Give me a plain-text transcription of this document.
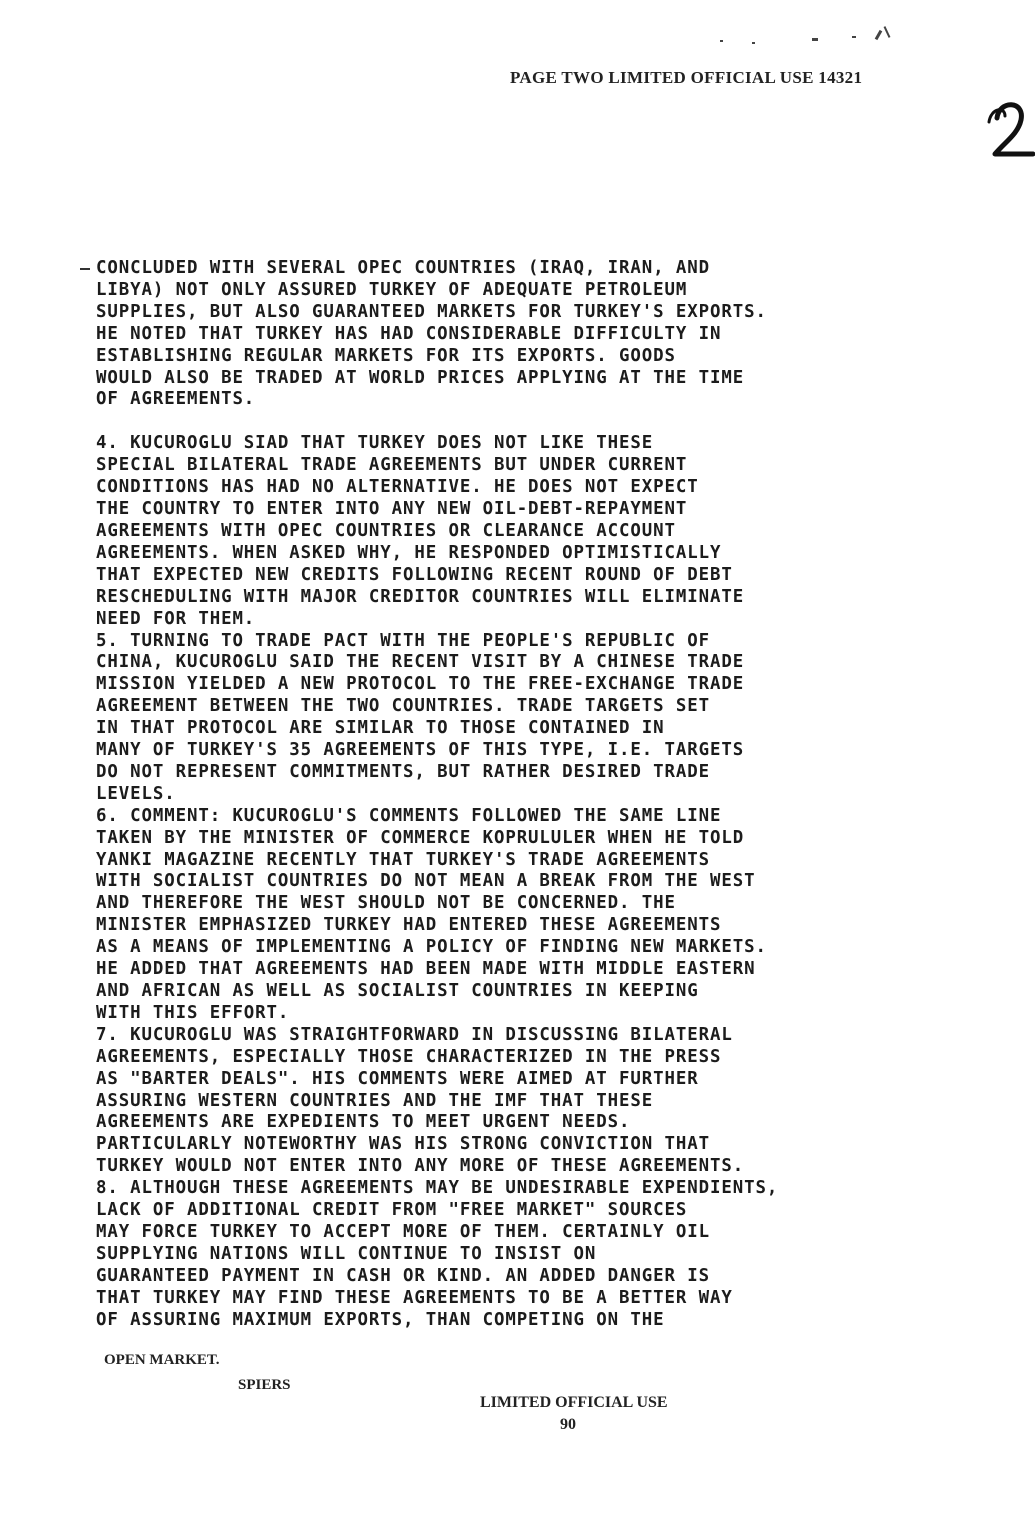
PAGE TWO LIMITED OFFICIAL USE 14321

CONCLUDED WITH SEVERAL OPEC COUNTRIES (IRAQ, IRAN, AND

LIBYA) NOT ONLY ASSURED TURKEY OF ADEQUATE PETROLEUM

SUPPLIES, BUT ALSO GUARANTEED MARKETS FOR TURKEY'S EXPORTS.

HE NOTED THAT TURKEY HAS HAD CONSIDERABLE DIFFICULTY IN

ESTABLISHING REGULAR MARKETS FOR ITS EXPORTS. GOODS

WOULD ALSO BE TRADED AT WORLD PRICES APPLYING AT THE TIME

OF AGREEMENTS.

4. KUCUROGLU SIAD THAT TURKEY DOES NOT LIKE THESE

SPECIAL BILATERAL TRADE AGREEMENTS BUT UNDER CURRENT

CONDITIONS HAS HAD NO ALTERNATIVE. HE DOES NOT EXPECT

THE COUNTRY TO ENTER INTO ANY NEW OIL-DEBT-REPAYMENT

AGREEMENTS WITH OPEC COUNTRIES OR CLEARANCE ACCOUNT

AGREEMENTS. WHEN ASKED WHY, HE RESPONDED OPTIMISTICALLY

THAT EXPECTED NEW CREDITS FOLLOWING RECENT ROUND OF DEBT

RESCHEDULING WITH MAJOR CREDITOR COUNTRIES WILL ELIMINATE

NEED FOR THEM.

5. TURNING TO TRADE PACT WITH THE PEOPLE'S REPUBLIC OF

CHINA, KUCUROGLU SAID THE RECENT VISIT BY A CHINESE TRADE

MISSION YIELDED A NEW PROTOCOL TO THE FREE-EXCHANGE TRADE

AGREEMENT BETWEEN THE TWO COUNTRIES. TRADE TARGETS SET

IN THAT PROTOCOL ARE SIMILAR TO THOSE CONTAINED IN

MANY OF TURKEY'S 35 AGREEMENTS OF THIS TYPE, I.E. TARGETS

DO NOT REPRESENT COMMITMENTS, BUT RATHER DESIRED TRADE

LEVELS.

6. COMMENT: KUCUROGLU'S COMMENTS FOLLOWED THE SAME LINE

TAKEN BY THE MINISTER OF COMMERCE KOPRULULER WHEN HE TOLD

YANKI MAGAZINE RECENTLY THAT TURKEY'S TRADE AGREEMENTS

WITH SOCIALIST COUNTRIES DO NOT MEAN A BREAK FROM THE WEST

AND THEREFORE THE WEST SHOULD NOT BE CONCERNED. THE

MINISTER EMPHASIZED TURKEY HAD ENTERED THESE AGREEMENTS

AS A MEANS OF IMPLEMENTING A POLICY OF FINDING NEW MARKETS.

HE ADDED THAT AGREEMENTS HAD BEEN MADE WITH MIDDLE EASTERN

AND AFRICAN AS WELL AS SOCIALIST COUNTRIES IN KEEPING

WITH THIS EFFORT.

7. KUCUROGLU WAS STRAIGHTFORWARD IN DISCUSSING BILATERAL

AGREEMENTS, ESPECIALLY THOSE CHARACTERIZED IN THE PRESS

AS "BARTER DEALS". HIS COMMENTS WERE AIMED AT FURTHER

ASSURING WESTERN COUNTRIES AND THE IMF THAT THESE

AGREEMENTS ARE EXPEDIENTS TO MEET URGENT NEEDS.

PARTICULARLY NOTEWORTHY WAS HIS STRONG CONVICTION THAT

TURKEY WOULD NOT ENTER INTO ANY MORE OF THESE AGREEMENTS.

8. ALTHOUGH THESE AGREEMENTS MAY BE UNDESIRABLE EXPENDIENTS,

LACK OF ADDITIONAL CREDIT FROM "FREE MARKET" SOURCES

MAY FORCE TURKEY TO ACCEPT MORE OF THEM. CERTAINLY OIL

SUPPLYING NATIONS WILL CONTINUE TO INSIST ON

GUARANTEED PAYMENT IN CASH OR KIND. AN ADDED DANGER IS

THAT TURKEY MAY FIND THESE AGREEMENTS TO BE A BETTER WAY

OF ASSURING MAXIMUM EXPORTS, THAN COMPETING ON THE

OPEN MARKET.
SPIERS
LIMITED OFFICIAL USE
90
